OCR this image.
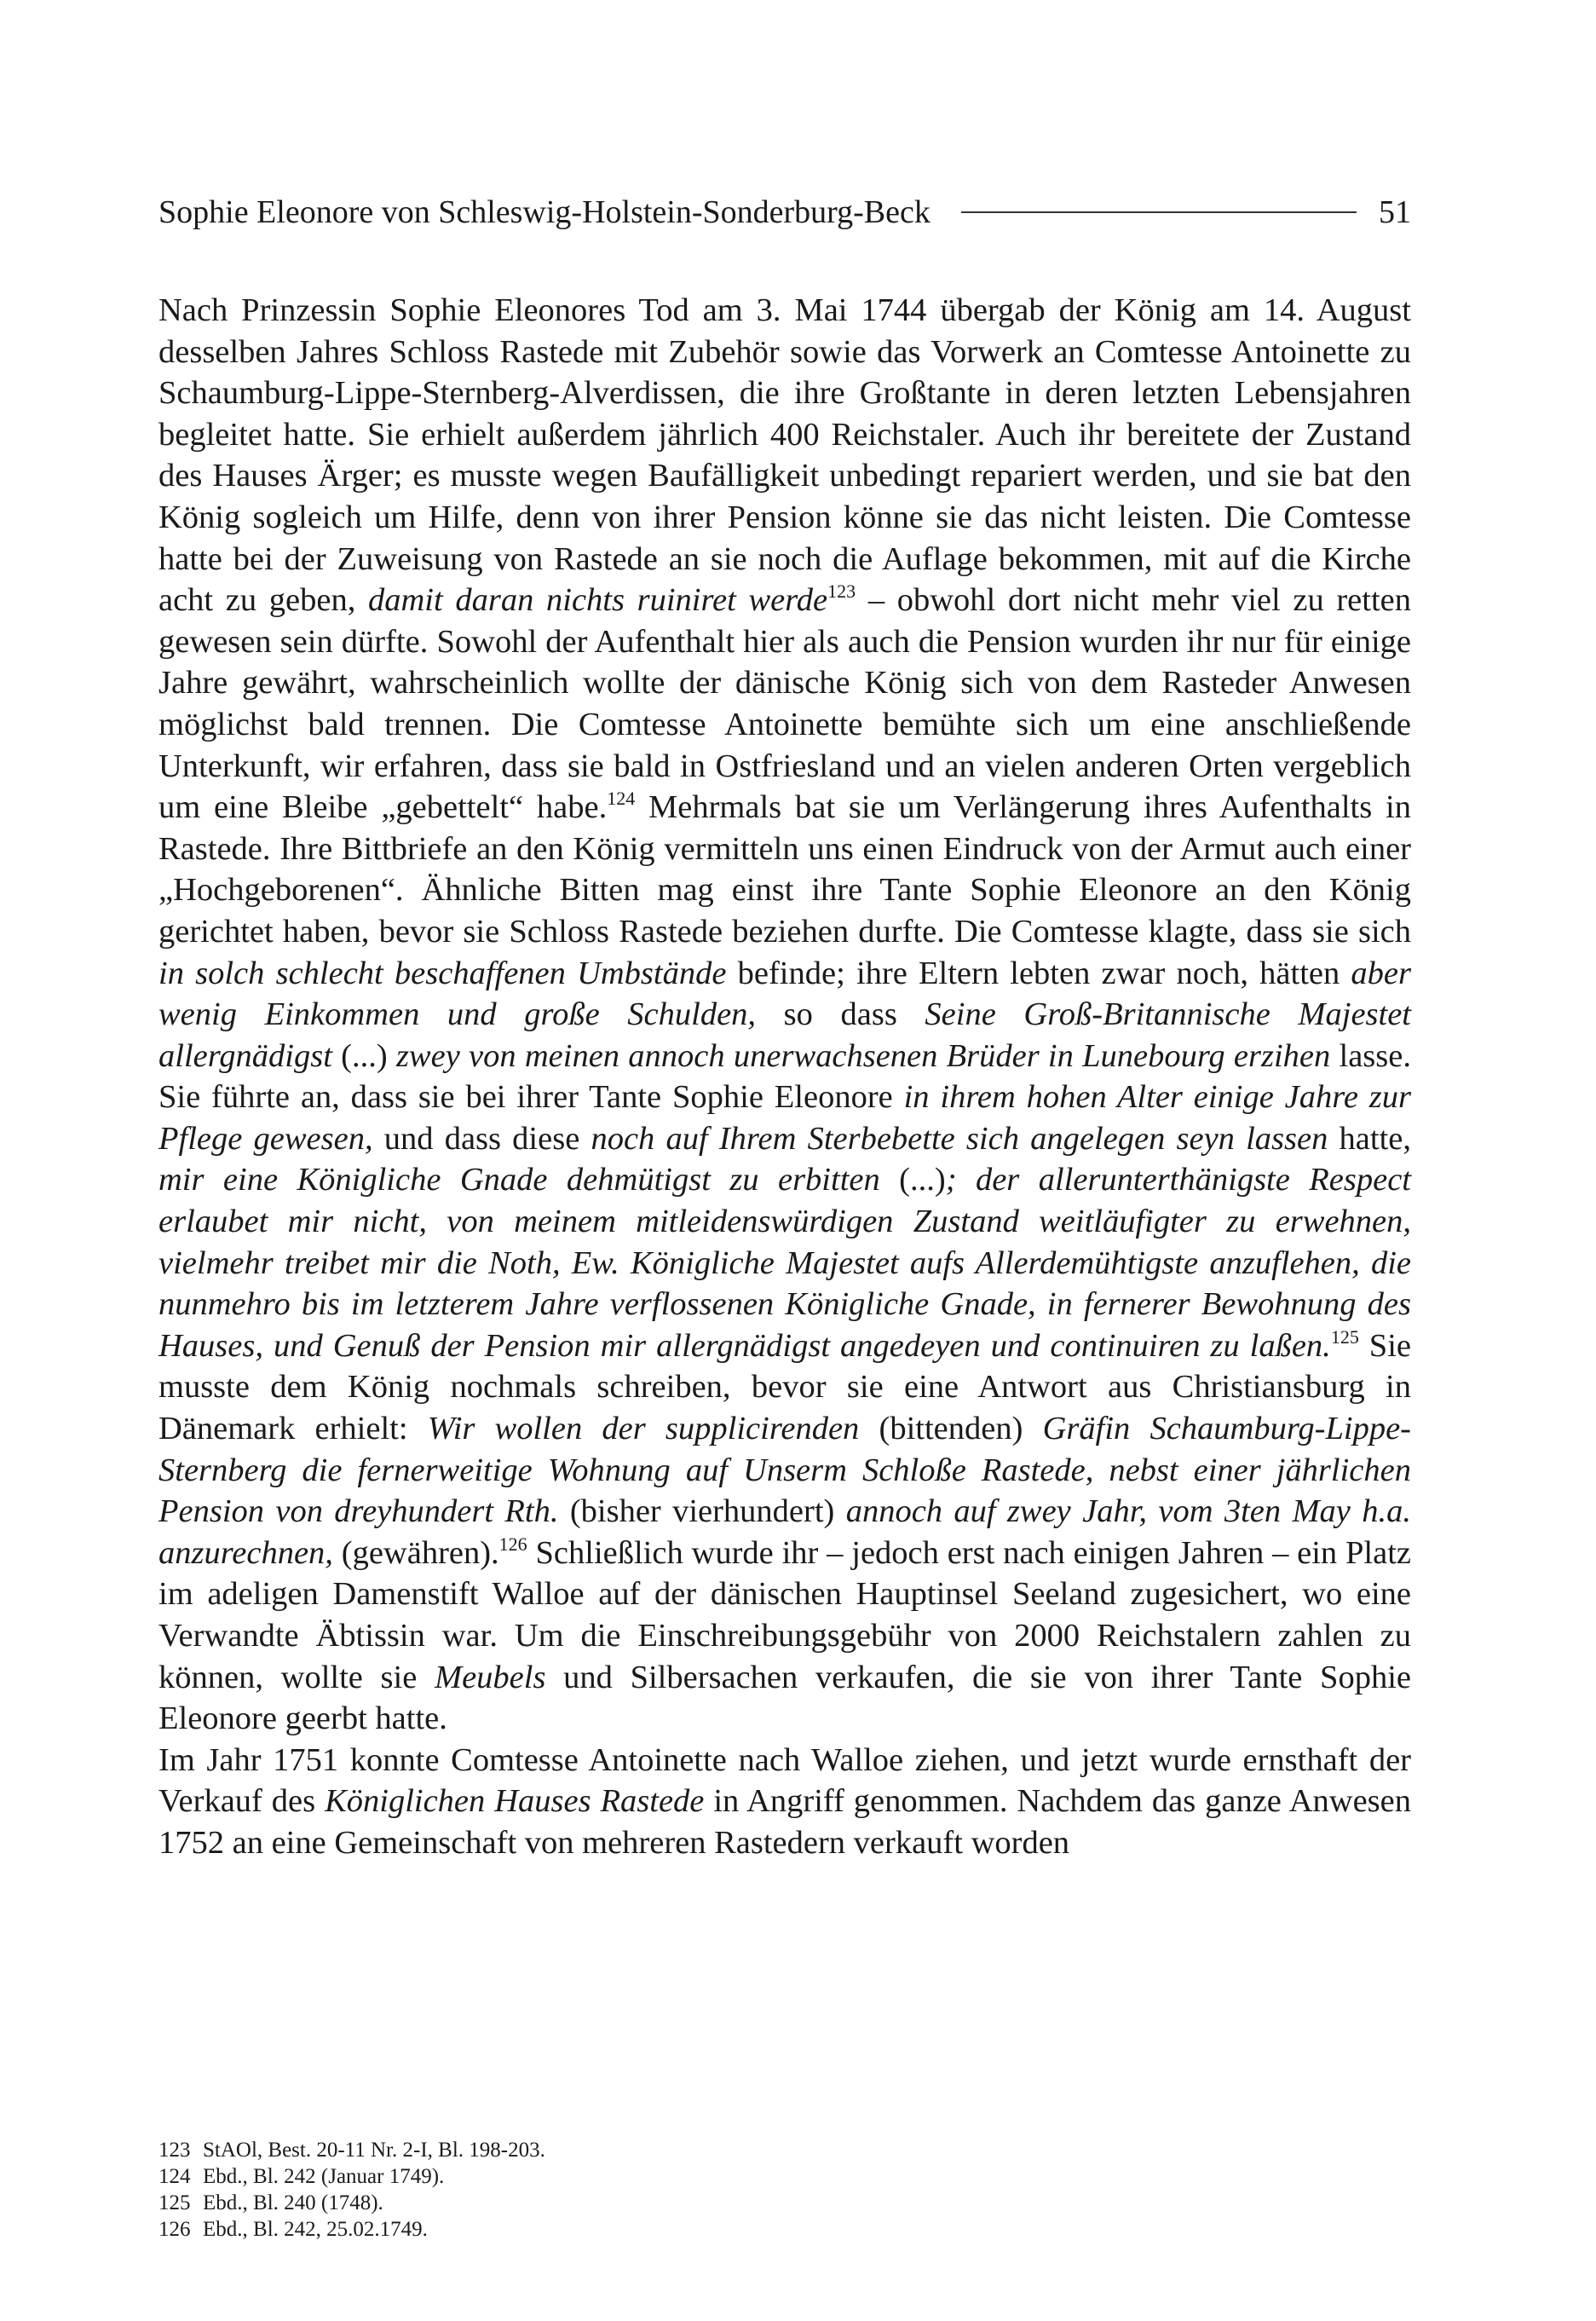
Sophie Eleonore von Schleswig-Holstein-Sonderburg-Beck	51

Nach Prinzessin Sophie Eleonores Tod am 3. Mai 1744 übergab der König am 14. August desselben Jahres Schloss Rastede mit Zubehör sowie das Vorwerk an Comtesse Antoinette zu Schaumburg-Lippe-Sternberg-Alverdissen, die ihre Großtante in deren letzten Lebensjahren begleitet hatte. Sie erhielt außerdem jährlich 400 Reichstaler. Auch ihr bereitete der Zustand des Hauses Ärger; es musste wegen Baufälligkeit unbedingt repariert werden, und sie bat den König sogleich um Hilfe, denn von ihrer Pension könne sie das nicht leisten. Die Comtesse hatte bei der Zuweisung von Rastede an sie noch die Auflage bekommen, mit auf die Kirche acht zu geben, damit daran nichts ruiniret werde$^{123}$ – obwohl dort nicht mehr viel zu retten gewesen sein dürfte. Sowohl der Aufenthalt hier als auch die Pension wurden ihr nur für einige Jahre gewährt, wahrscheinlich wollte der dänische König sich von dem Rasteder Anwesen möglichst bald trennen. Die Comtesse Antoinette bemühte sich um eine anschließende Unterkunft, wir erfahren, dass sie bald in Ostfriesland und an vielen anderen Orten vergeblich um eine Bleibe „gebettelt“ habe.$^{124}$ Mehrmals bat sie um Verlängerung ihres Aufenthalts in Rastede. Ihre Bittbriefe an den König vermitteln uns einen Eindruck von der Armut auch einer „Hochgeborenen“. Ähnliche Bitten mag einst ihre Tante Sophie Eleonore an den König gerichtet haben, bevor sie Schloss Rastede beziehen durfte. Die Comtesse klagte, dass sie sich in solch schlecht beschaffenen Umbstände befinde; ihre Eltern lebten zwar noch, hätten aber wenig Einkommen und große Schulden, so dass Seine Groß-Britannische Majestet allergnädigst (...) zwey von meinen annoch unerwachsenen Brüder in Lunebourg erzihen lasse. Sie führte an, dass sie bei ihrer Tante Sophie Eleonore in ihrem hohen Alter einige Jahre zur Pflege gewesen, und dass diese noch auf Ihrem Sterbebette sich angelegen seyn lassen hatte, mir eine Königliche Gnade dehmütigst zu erbitten (...); der allerunterthänigste Respect erlaubet mir nicht, von meinem mitleidenswürdigen Zustand weitläufigter zu erwehnen, vielmehr treibet mir die Noth, Ew. Königliche Majestet aufs Allerdemühtigste anzuflehen, die nunmehro bis im letzterem Jahre verflossenen Königliche Gnade, in fernerer Bewohnung des Hauses, und Genuß der Pension mir allergnädigst angedeyen und continuiren zu laßen.$^{125}$ Sie musste dem König nochmals schreiben, bevor sie eine Antwort aus Christiansburg in Dänemark erhielt: Wir wollen der supplicirenden (bittenden) Gräfin Schaumburg-Lippe-Sternberg die fernerweitige Wohnung auf Unserm Schloße Rastede, nebst einer jährlichen Pension von dreyhundert Rth. (bisher vierhundert) annoch auf zwey Jahr, vom 3ten May h.a. anzurechnen, (gewähren).$^{126}$ Schließlich wurde ihr – jedoch erst nach einigen Jahren – ein Platz im adeligen Damenstift Walloe auf der dänischen Hauptinsel Seeland zugesichert, wo eine Verwandte Äbtissin war. Um die Einschreibungsgebühr von 2000 Reichstalern zahlen zu können, wollte sie Meubels und Silbersachen verkaufen, die sie von ihrer Tante Sophie Eleonore geerbt hatte.

Im Jahr 1751 konnte Comtesse Antoinette nach Walloe ziehen, und jetzt wurde ernsthaft der Verkauf des Königlichen Hauses Rastede in Angriff genommen. Nachdem das ganze Anwesen 1752 an eine Gemeinschaft von mehreren Rastedern verkauft worden

123 StAOl, Best. 20-11 Nr. 2-I, Bl. 198-203.
124 Ebd., Bl. 242 (Januar 1749).
125 Ebd., Bl. 240 (1748).
126 Ebd., Bl. 242, 25.02.1749.
